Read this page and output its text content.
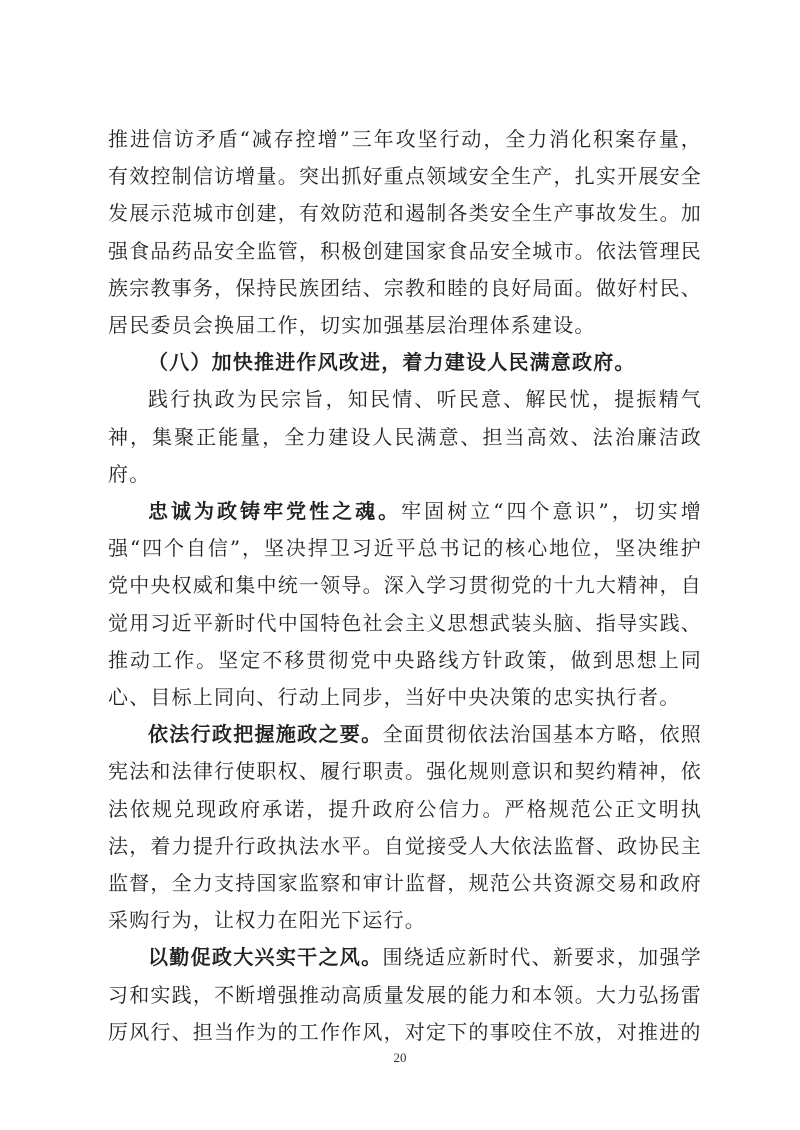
推进信访矛盾“减存控增”三年攻坚行动，全力消化积案存量，有效控制信访增量。突出抓好重点领域安全生产，扎实开展安全发展示范城市创建，有效防范和遏制各类安全生产事故发生。加强食品药品安全监管，积极创建国家食品安全城市。依法管理民族宗教事务，保持民族团结、宗教和睦的良好局面。做好村民、居民委员会换届工作，切实加强基层治理体系建设。

（八）加快推进作风改进，着力建设人民满意政府。

践行执政为民宗旨，知民情、听民意、解民忧，提振精气神，集聚正能量，全力建设人民满意、担当高效、法治廉洁政府。

忠诚为政铸牢党性之魂。牢固树立“四个意识”，切实增强“四个自信”，坚决捍卫习近平总书记的核心地位，坚决维护党中央权威和集中统一领导。深入学习贯彻党的十九大精神，自觉用习近平新时代中国特色社会主义思想武装头脑、指导实践、推动工作。坚定不移贯彻党中央路线方针政策，做到思想上同心、目标上同向、行动上同步，当好中央决策的忠实执行者。

依法行政把握施政之要。全面贯彻依法治国基本方略，依照宪法和法律行使职权、履行职责。强化规则意识和契约精神，依法依规兑现政府承诺，提升政府公信力。严格规范公正文明执法，着力提升行政执法水平。自觉接受人大依法监督、政协民主监督，全力支持国家监察和审计监督，规范公共资源交易和政府采购行为，让权力在阳光下运行。

以勤促政大兴实干之风。围绕适应新时代、新要求，加强学习和实践，不断增强推动高质量发展的能力和本领。大力弘扬雷厉风行、担当作为的工作作风，对定下的事咬住不放，对推进的

20
